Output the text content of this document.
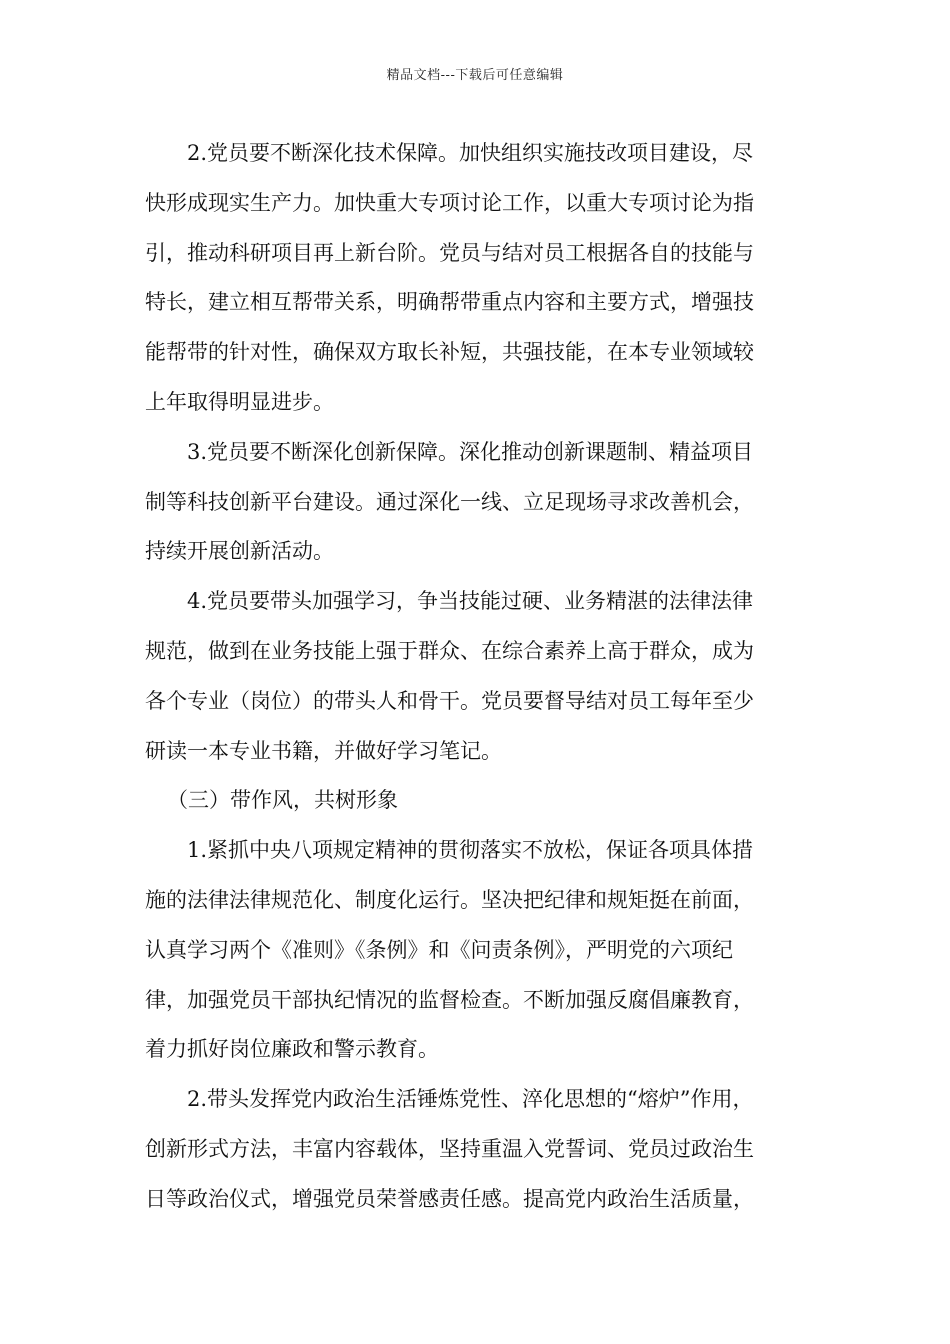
精品文档---下载后可任意编辑
2.党员要不断深化技术保障。加快组织实施技改项目建设，尽
快形成现实生产力。加快重大专项讨论工作，以重大专项讨论为指
引，推动科研项目再上新台阶。党员与结对员工根据各自的技能与
特长，建立相互帮带关系，明确帮带重点内容和主要方式，增强技
能帮带的针对性，确保双方取长补短，共强技能，在本专业领域较
上年取得明显进步。
3.党员要不断深化创新保障。深化推动创新课题制、精益项目
制等科技创新平台建设。通过深化一线、立足现场寻求改善机会，
持续开展创新活动。
4.党员要带头加强学习，争当技能过硬、业务精湛的法律法律
规范，做到在业务技能上强于群众、在综合素养上高于群众，成为
各个专业（岗位）的带头人和骨干。党员要督导结对员工每年至少
研读一本专业书籍，并做好学习笔记。
（三）带作风，共树形象
1.紧抓中央八项规定精神的贯彻落实不放松，保证各项具体措
施的法律法律规范化、制度化运行。坚决把纪律和规矩挺在前面，
认真学习两个《准则》《条例》和《问责条例》，严明党的六项纪
律，加强党员干部执纪情况的监督检查。不断加强反腐倡廉教育，
着力抓好岗位廉政和警示教育。
2.带头发挥党内政治生活锤炼党性、淬化思想的“熔炉”作用，
创新形式方法，丰富内容载体，坚持重温入党誓词、党员过政治生
日等政治仪式，增强党员荣誉感责任感。提高党内政治生活质量，
